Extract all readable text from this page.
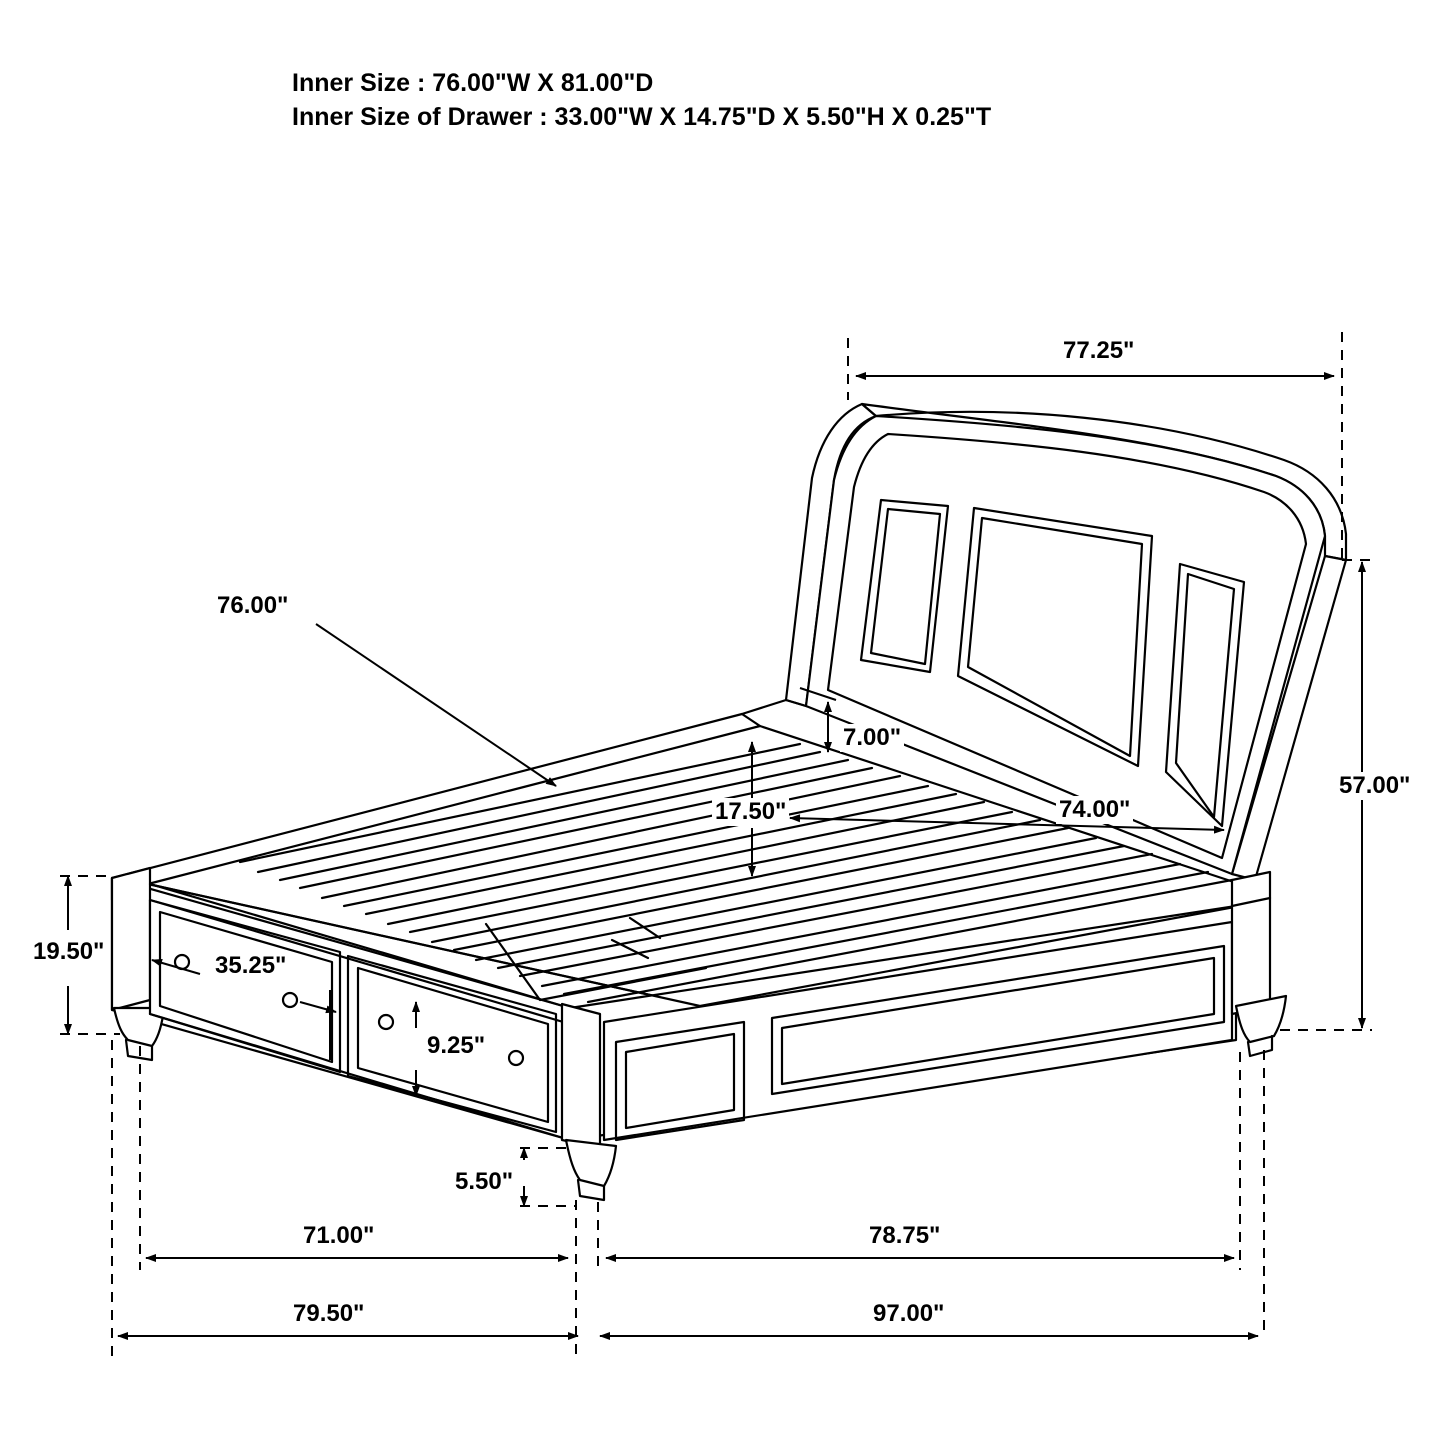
Inner Size : 76.00"W X 81.00"D
Inner Size of Drawer : 33.00"W X 14.75"D X 5.50"H X 0.25"T
77.25"
57.00"
76.00"
7.00"
17.50"	74.00"
19.50"
35.25"
9.25"
5.50"
71.00"	78.75"
79.50"	97.00"
